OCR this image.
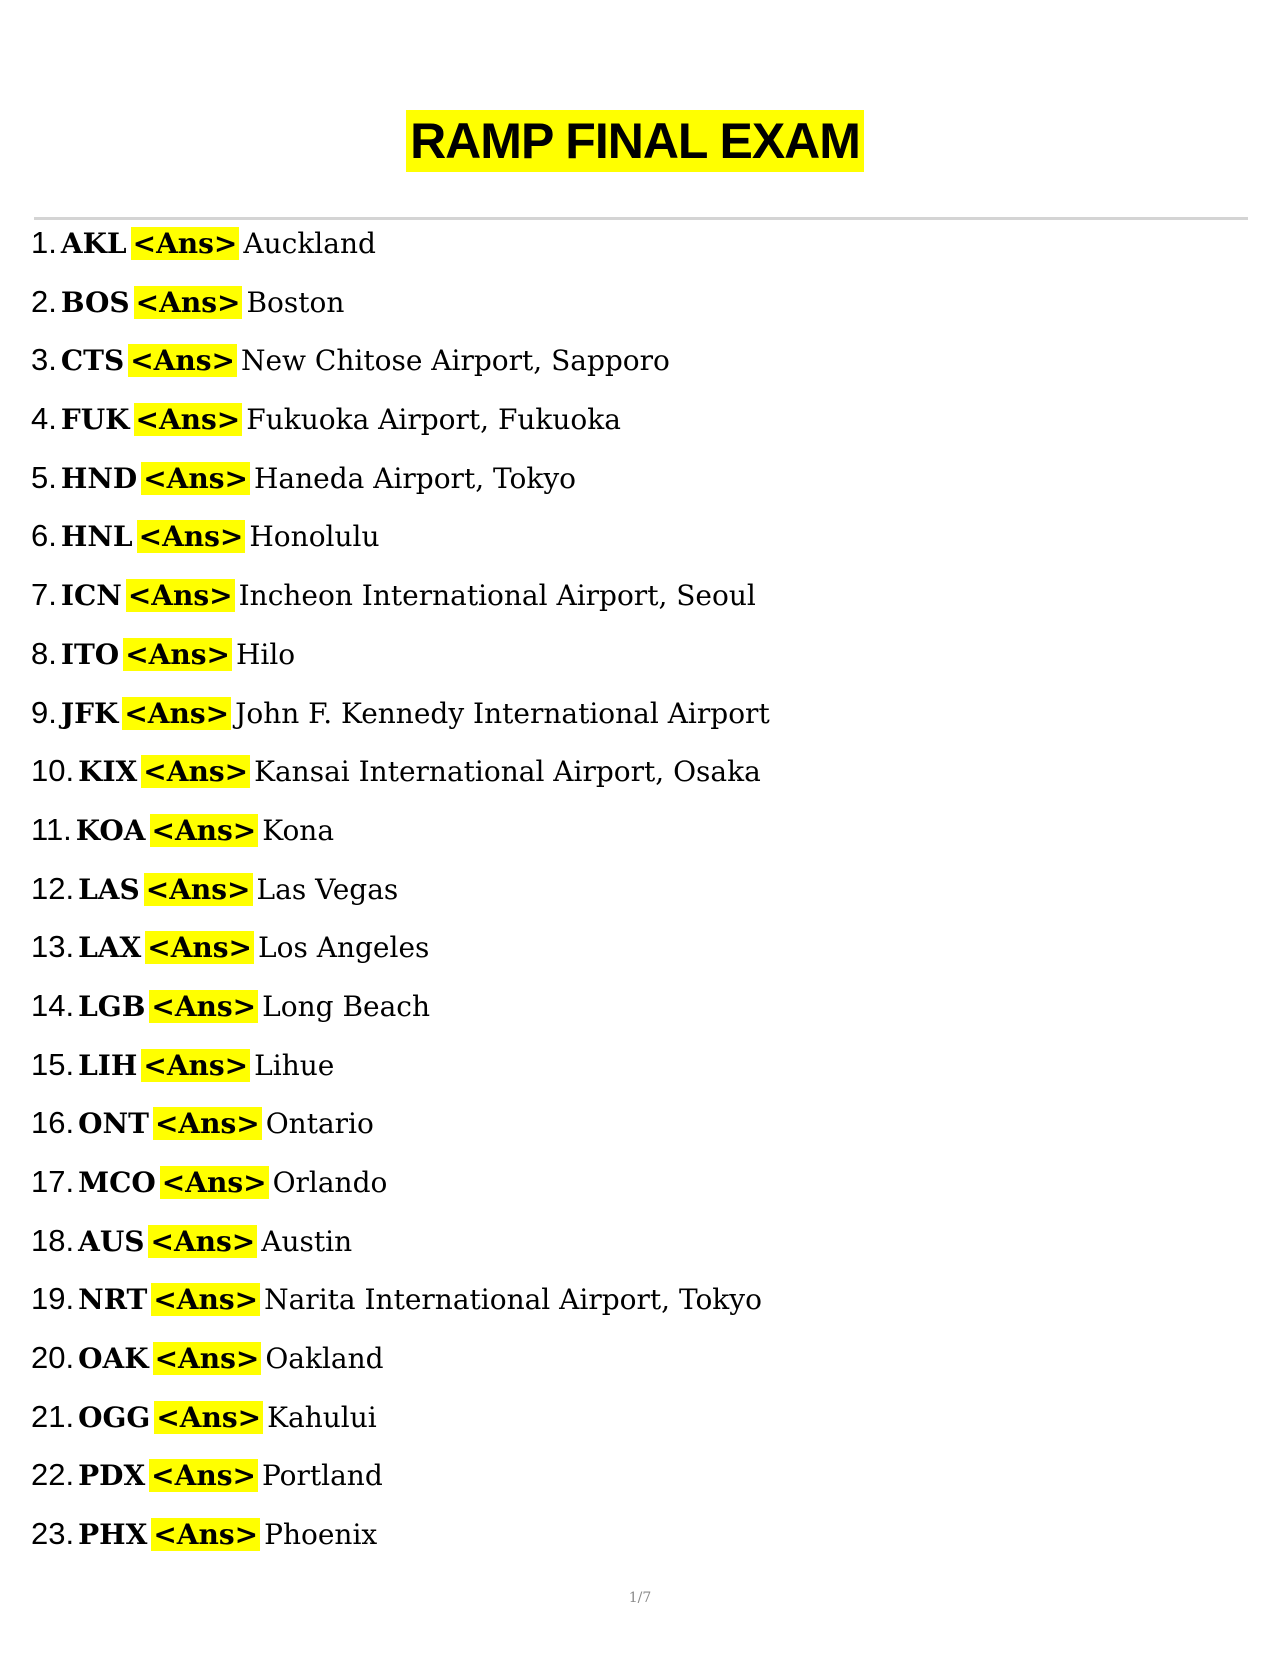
RAMP FINAL EXAM
1. AKL <Ans> Auckland
2. BOS <Ans> Boston
3. CTS <Ans> New Chitose Airport, Sapporo
4. FUK <Ans> Fukuoka Airport, Fukuoka
5. HND <Ans> Haneda Airport, Tokyo
6. HNL <Ans> Honolulu
7. ICN <Ans> Incheon International Airport, Seoul
8. ITO <Ans> Hilo
9. JFK <Ans> John F. Kennedy International Airport
10. KIX <Ans> Kansai International Airport, Osaka
11. KOA <Ans> Kona
12. LAS <Ans> Las Vegas
13. LAX <Ans> Los Angeles
14. LGB <Ans> Long Beach
15. LIH <Ans> Lihue
16. ONT <Ans> Ontario
17. MCO <Ans> Orlando
18. AUS <Ans> Austin
19. NRT <Ans> Narita International Airport, Tokyo
20. OAK <Ans> Oakland
21. OGG <Ans> Kahului
22. PDX <Ans> Portland
23. PHX <Ans> Phoenix
1/7
